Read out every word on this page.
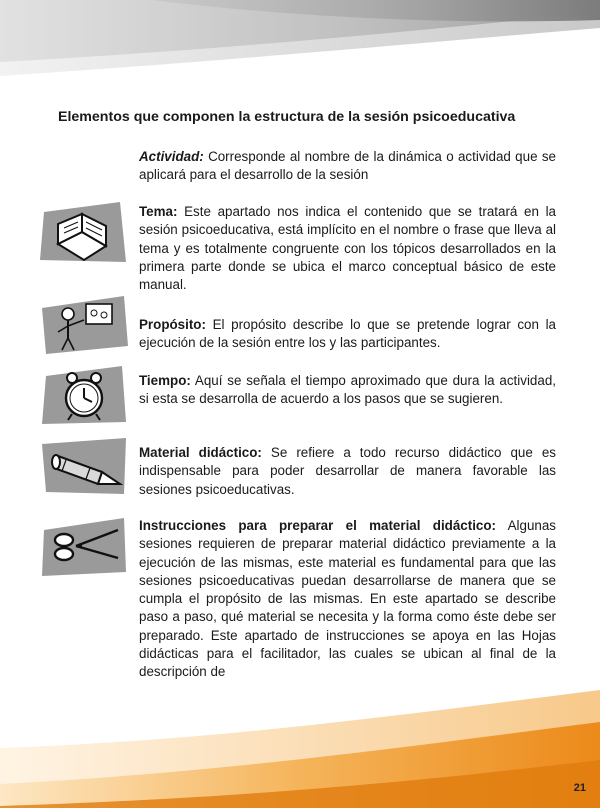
Elementos que componen la estructura de la sesión psicoeducativa

Actividad: Corresponde al nombre de la dinámica o actividad que se aplicará para el desarrollo de la sesión

Tema: Este apartado nos indica el contenido que se tratará en la sesión psicoeducativa, está implícito en el nombre o frase que lleva al tema y es totalmente congruente con los tópicos desarrollados en la primera parte donde se ubica el marco conceptual básico de este manual.

Propósito: El propósito describe lo que se pretende lograr con la ejecución de la sesión entre los y las participantes.

Tiempo: Aquí se señala el tiempo aproximado que dura la actividad, si esta se desarrolla de acuerdo a los pasos que se sugieren.

Material didáctico: Se refiere a todo recurso didáctico que es indispensable para poder desarrollar de manera favorable las sesiones psicoeducativas.

Instrucciones para preparar el material didáctico: Algunas sesiones requieren de preparar material didáctico previamente a la ejecución de las mismas, este material es fundamental para que las sesiones psicoeducativas puedan desarrollarse de manera que se cumpla el propósito de las mismas. En este apartado se describe paso a paso, qué material se necesita y la forma como éste debe ser preparado. Este apartado de instrucciones se apoya en las Hojas didácticas para el facilitador, las cuales se ubican al final de la descripción de

21
